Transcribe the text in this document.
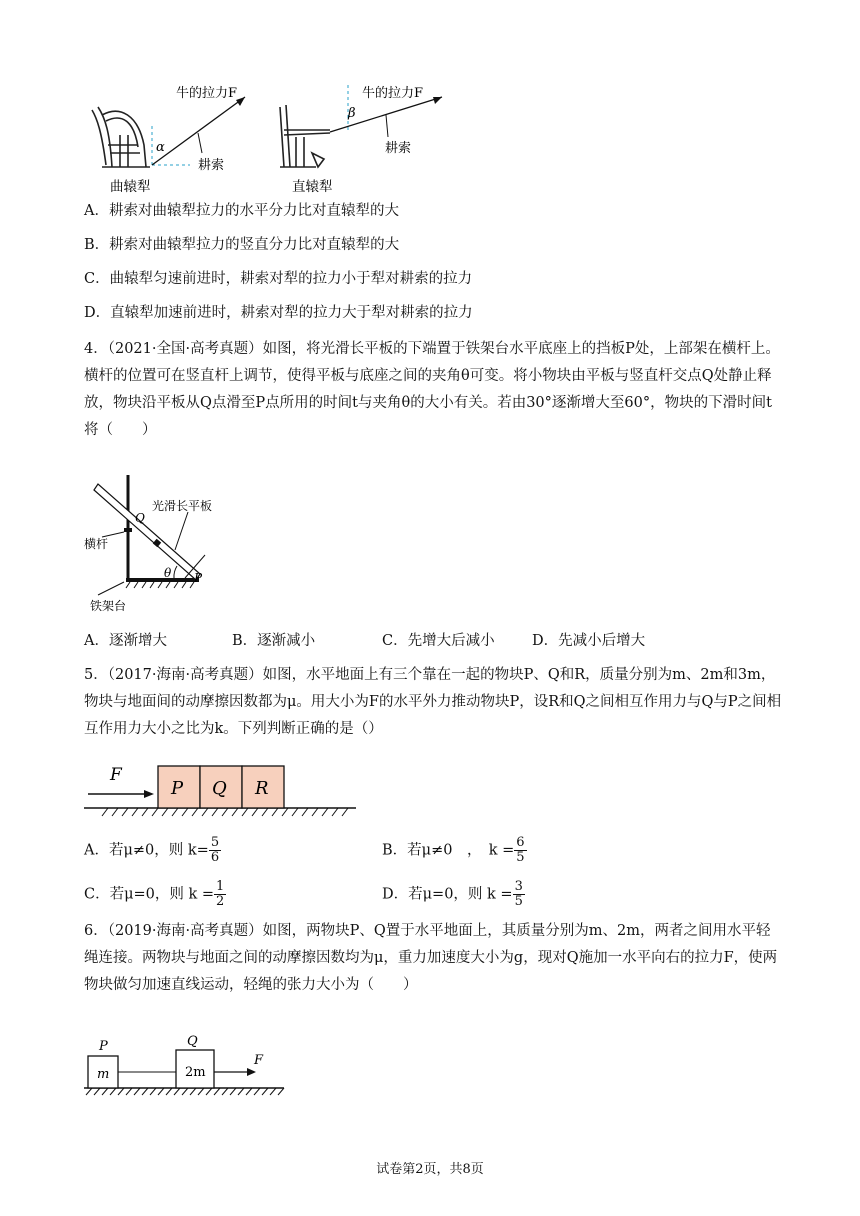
α
牛的拉力F
耕索
曲辕犁
β
牛的拉力F
耕索
直辕犁
A．耕索对曲辕犁拉力的水平分力比对直辕犁的大
B．耕索对曲辕犁拉力的竖直分力比对直辕犁的大
C．曲辕犁匀速前进时，耕索对犁的拉力小于犁对耕索的拉力
D．直辕犁加速前进时，耕索对犁的拉力大于犁对耕索的拉力
4．（2021·全国·高考真题）如图，将光滑长平板的下端置于铁架台水平底座上的挡板P处，上部架在横杆上。横杆的位置可在竖直杆上调节，使得平板与底座之间的夹角θ可变。将小物块由平板与竖直杆交点Q处静止释放，物块沿平板从Q点滑至P点所用的时间t与夹角θ的大小有关。若由30°逐渐增大至60°，物块的下滑时间t将（　　）
Q
P
θ
光滑长平板
横杆
铁架台
A．逐渐增大	B．逐渐减小	C．先增大后减小	D．先减小后增大
5．（2017·海南·高考真题）如图，水平地面上有三个靠在一起的物块P、Q和R，质量分别为m、2m和3m，物块与地面间的动摩擦因数都为μ。用大小为F的水平外力推动物块P，设R和Q之间相互作用力与Q与P之间相互作用力大小之比为k。下列判断正确的是（）
F
P Q R
A．若μ≠0，则 $k= \frac{5}{6}$	B．若μ≠0　，　$k = \frac{6}{5}$
C．若μ=0，则 $k = \frac{1}{2}$	D．若μ=0，则 $k = \frac{3}{5}$
6．（2019·海南·高考真题）如图，两物块P、Q置于水平地面上，其质量分别为m、2m，两者之间用水平轻绳连接。两物块与地面之间的动摩擦因数均为μ，重力加速度大小为g，现对Q施加一水平向右的拉力F，使两物块做匀加速直线运动，轻绳的张力大小为（　　）
P	Q
m	2m
F
试卷第2页，共8页
